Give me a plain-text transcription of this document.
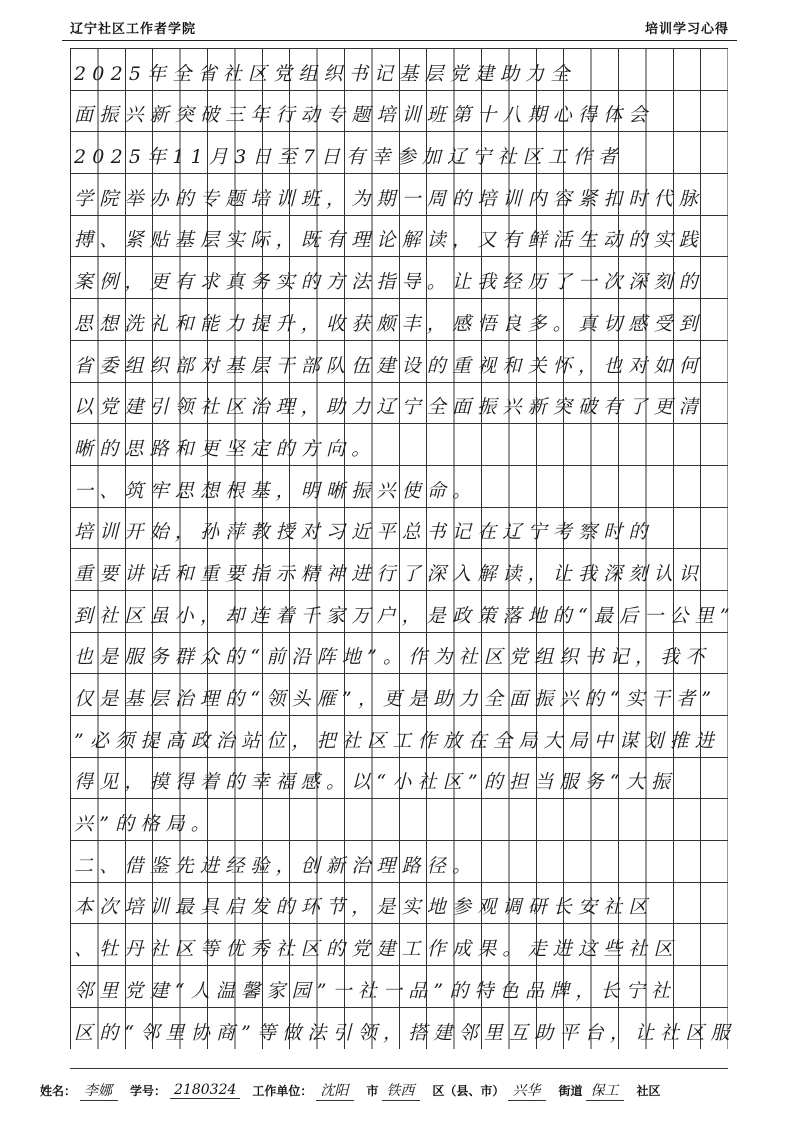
辽宁社区工作者学院	培训学习心得
2025年全省社区党组织书记基层党建助力全
面振兴新突破三年行动专题培训班第十八期心得体会
2025年11月3日至7日有幸参加辽宁社区工作者
学院举办的专题培训班，为期一周的培训内容紧扣时代脉
搏、紧贴基层实际，既有理论解读，又有鲜活生动的实践
案例，更有求真务实的方法指导。让我经历了一次深刻的
思想洗礼和能力提升，收获颇丰，感悟良多。真切感受到
省委组织部对基层干部队伍建设的重视和关怀，也对如何
以党建引领社区治理，助力辽宁全面振兴新突破有了更清
晰的思路和更坚定的方向。
一、筑牢思想根基，明晰振兴使命。
培训开始，孙萍教授对习近平总书记在辽宁考察时的
重要讲话和重要指示精神进行了深入解读，让我深刻认识
到社区虽小，却连着千家万户，是政策落地的“最后一公里”
也是服务群众的“前沿阵地”。作为社区党组织书记，我不
仅是基层治理的“领头雁”，更是助力全面振兴的“实干者”
”必须提高政治站位，把社区工作放在全局大局中谋划推进
得见，摸得着的幸福感。以“小社区”的担当服务“大振
兴”的格局。
二、借鉴先进经验，创新治理路径。
本次培训最具启发的环节，是实地参观调研长安社区
、牡丹社区等优秀社区的党建工作成果。走进这些社区
邻里党建“人温馨家园”一社一品”的特色品牌，长宁社
区的“邻里协商”等做法引领，搭建邻里互助平台，让社区服
姓名： 李娜	学号： 2180324	工作单位： 沈阳	市 铁西	区（县、市） 兴华	街道 保工	社区
